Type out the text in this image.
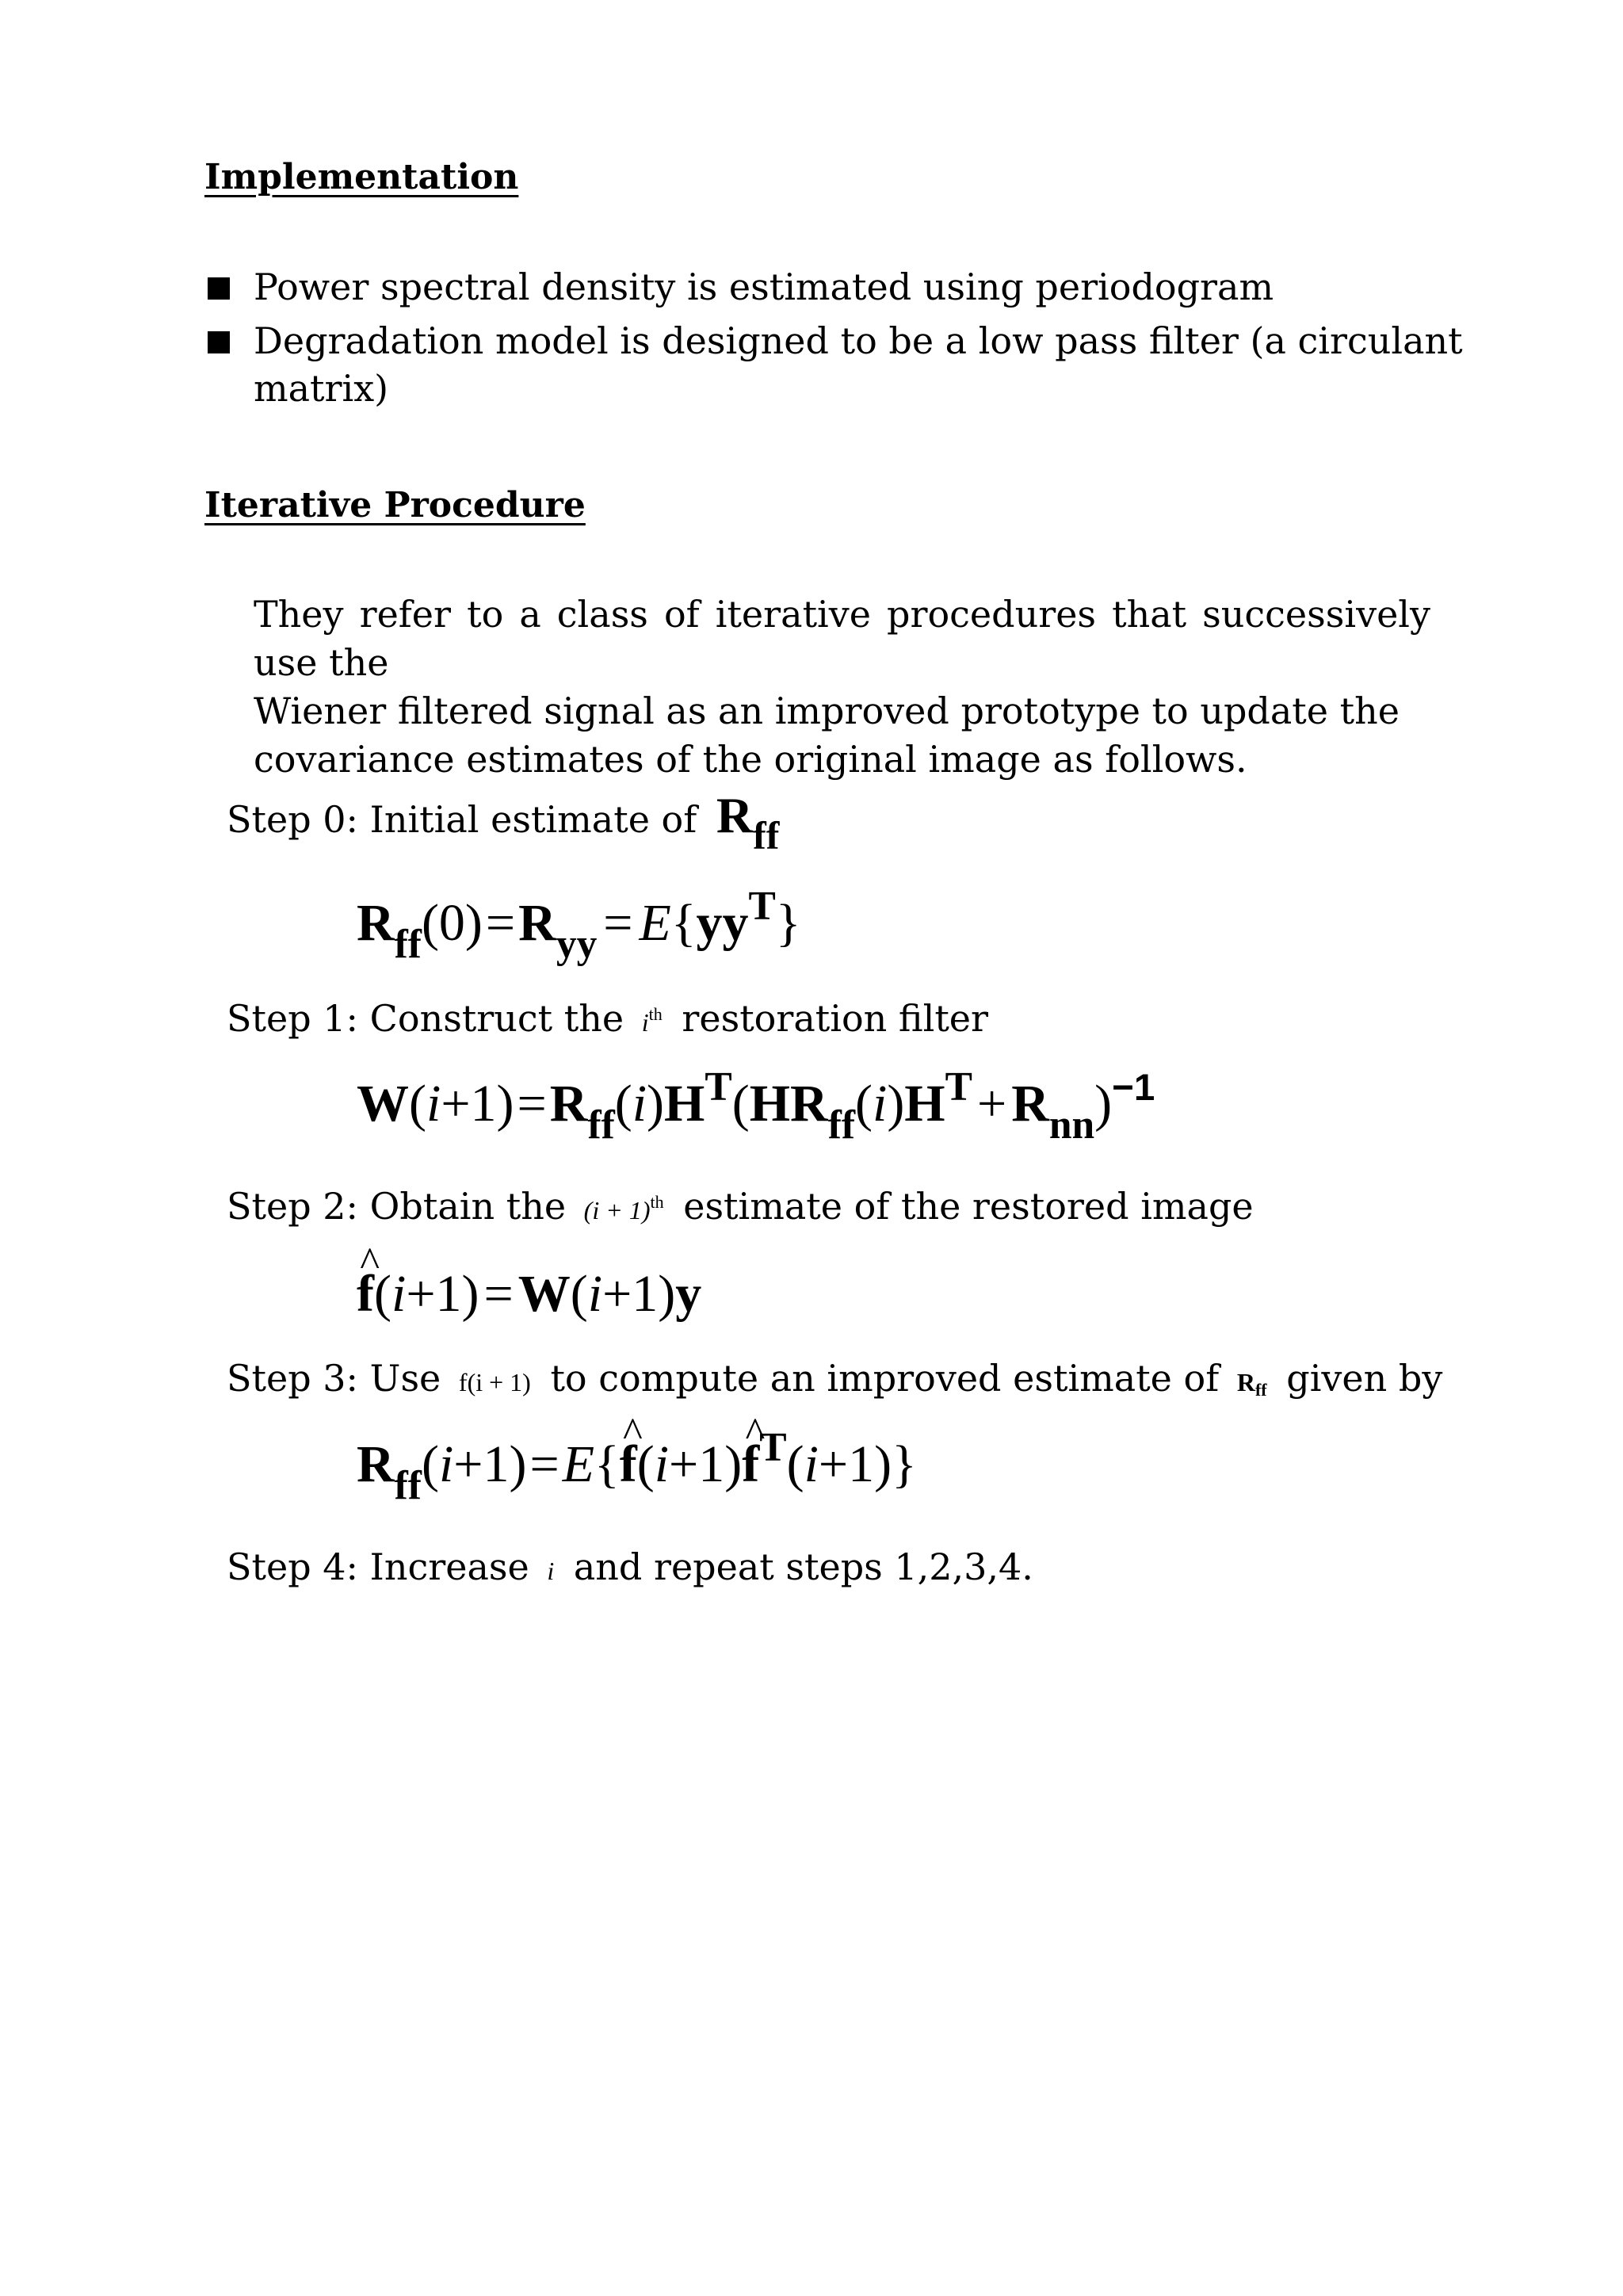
Implementation
Power spectral density is estimated using periodogram
Degradation model is designed to be a low pass filter (a circulant
matrix)
Iterative Procedure
They refer to a class of iterative procedures that successively use the
Wiener filtered signal as an improved prototype to update the
covariance estimates of the original image as follows.
Step 0: Initial estimate of $R_{ff}$
$R_{ff}(0)=R_{yy} = E\{yy^T\}$
Step 1: Construct the $i^{th}$ restoration filter
$W(i+1)=R_{ff}(i)H^T(HR_{ff}(i)H^T+R_{nn})^{-1}$
Step 2: Obtain the $(i + 1)^{th}$ estimate of the restored image
^ f(i+1)=W(i+1)y
Step 3: Use f(i + 1) to compute an improved estimate of Rff given by
$R_{ff}(i+1)=E\{\^{}$ f(i+1)^ $f^T(i+1)$}
Step 4: Increase i and repeat steps 1,2,3,4.
